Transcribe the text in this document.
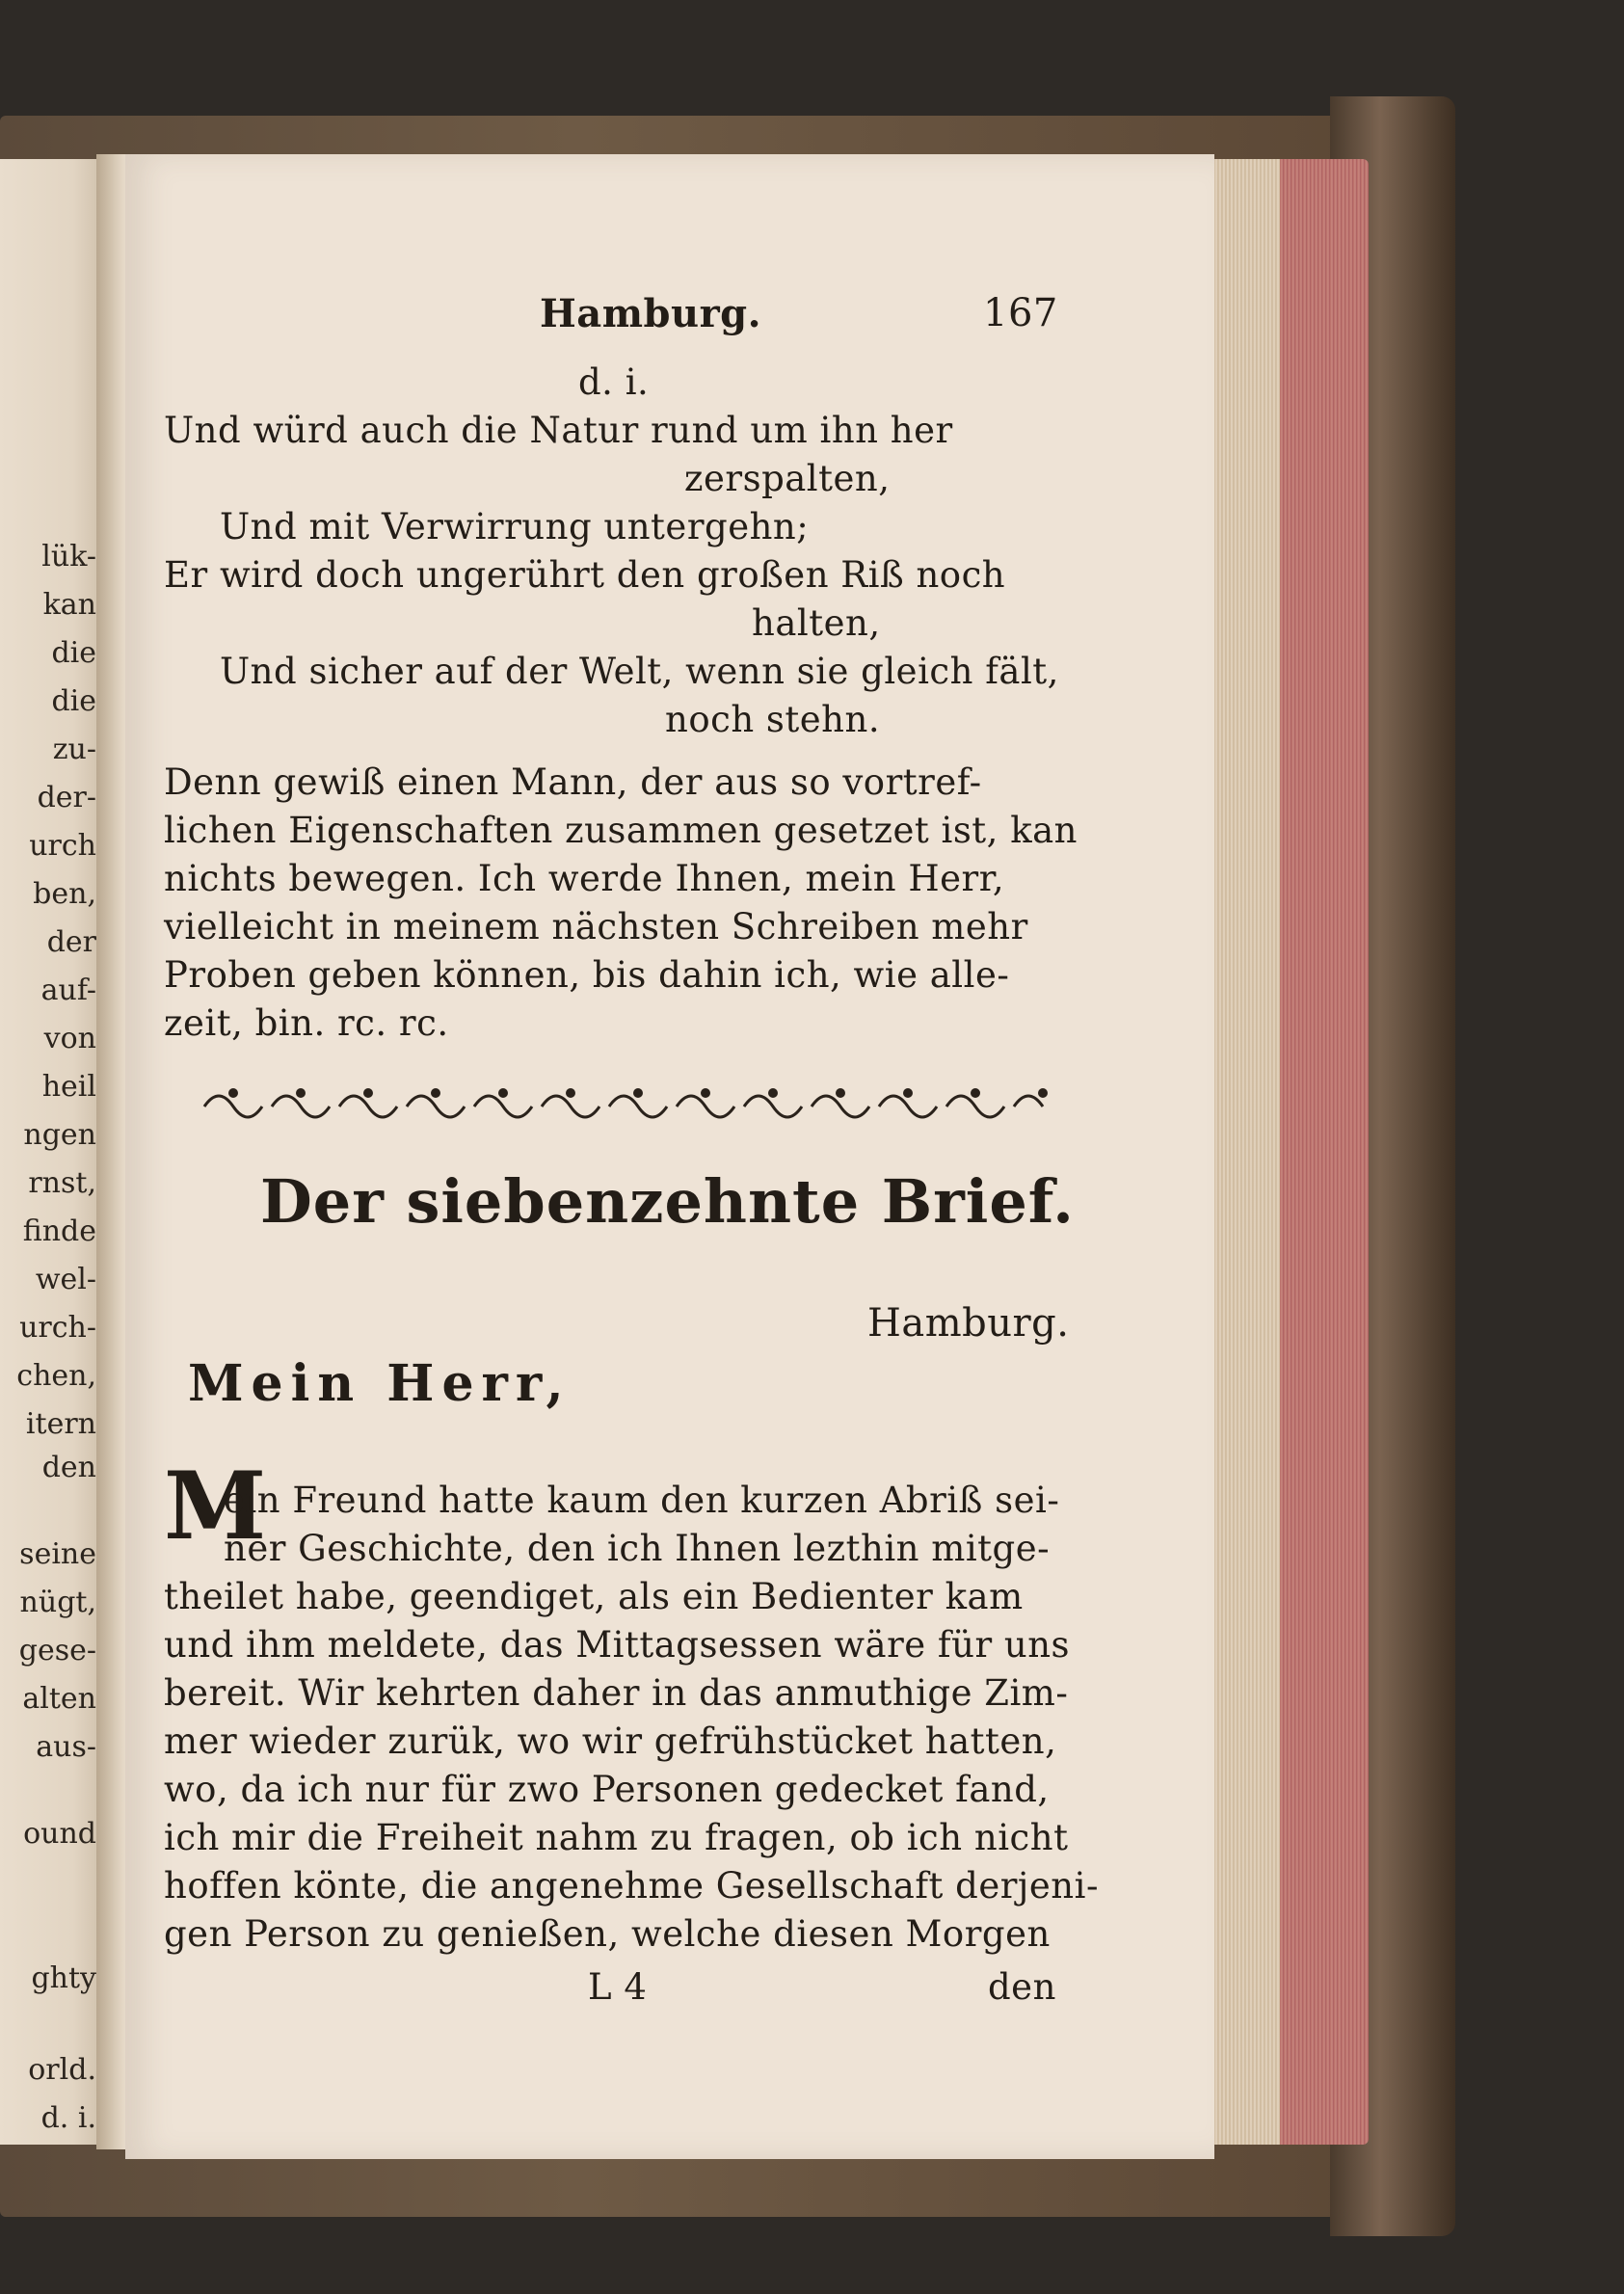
lük-
kan
die
die
zu-
der-
urch
ben,
der
auf-
von
heil
ngen
rnst,
finde
wel-
urch-
chen,
itern
den
seine
nügt,
gese-
alten
aus-
ound
ghty
orld.
d. i.
Hamburg.	167
d. i.
Und würd auch die Natur rund um ihn her
zerspalten,
Und mit Verwirrung untergehn;
Er wird doch ungerührt den großen Riß noch
halten,
Und sicher auf der Welt, wenn sie gleich fält,
noch stehn.
Denn gewiß einen Mann, der aus so vortref-
lichen Eigenschaften zusammen gesetzet ist, kan
nichts bewegen. Ich werde Ihnen, mein Herr,
vielleicht in meinem nächsten Schreiben mehr
Proben geben können, bis dahin ich, wie alle-
zeit, bin. rc. rc.
Der siebenzehnte Brief.
Hamburg.
Mein Herr,
M
ein Freund hatte kaum den kurzen Abriß sei-
ner Geschichte, den ich Ihnen lezthin mitge-
theilet habe, geendiget, als ein Bedienter kam
und ihm meldete, das Mittagsessen wäre für uns
bereit. Wir kehrten daher in das anmuthige Zim-
mer wieder zurük, wo wir gefrühstücket hatten,
wo, da ich nur für zwo Personen gedecket fand,
ich mir die Freiheit nahm zu fragen, ob ich nicht
hoffen könte, die angenehme Gesellschaft derjeni-
gen Person zu genießen, welche diesen Morgen
L 4	den
